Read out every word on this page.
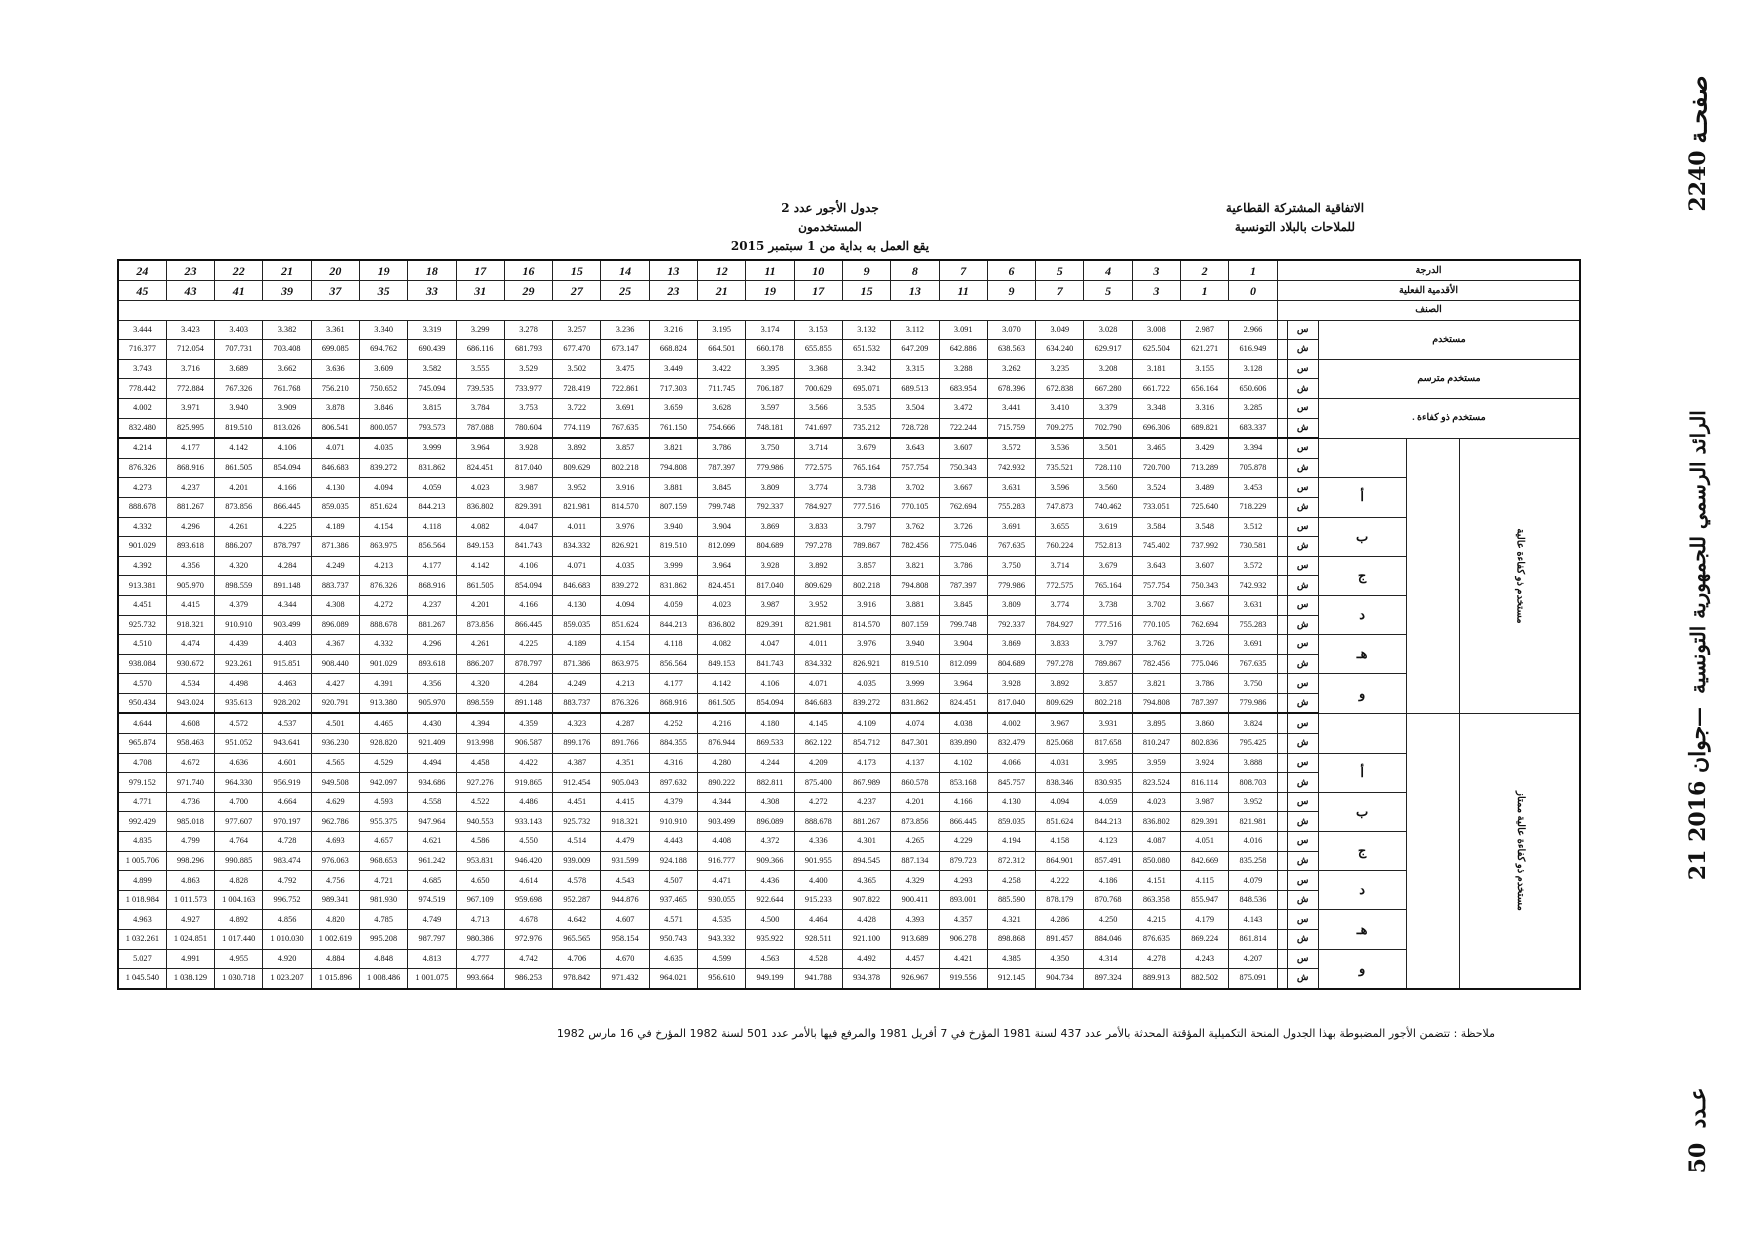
صفحـة
2240
الرائد الرسمي للجمهورية التونسية
—
21 جوان 2016
عـدد
50
جدول الأجور عدد 2
المستخدمون
يقع العمل به بداية من 1 سبتمبر 2015
الاتفاقية المشتركة القطاعية
للملاحات بالبلاد التونسية
24	23	22	21	20	19	18	17	16	15	14	13	12	11	10	9	8	7	6	5	4	3	2	1	الدرجة				
45	43	41	39	37	35	33	31	29	27	25	23	21	19	17	15	13	11	9	7	5	3	1	0	الأقدمية الفعلية				
																								الصنف				
3.444	3.423	3.403	3.382	3.361	3.340	3.319	3.299	3.278	3.257	3.236	3.216	3.195	3.174	3.153	3.132	3.112	3.091	3.070	3.049	3.028	3.008	2.987	2.966		س	مستخدم		
716.377	712.054	707.731	703.408	699.085	694.762	690.439	686.116	681.793	677.470	673.147	668.824	664.501	660.178	655.855	651.532	647.209	642.886	638.563	634.240	629.917	625.504	621.271	616.949		ش			
3.743	3.716	3.689	3.662	3.636	3.609	3.582	3.555	3.529	3.502	3.475	3.449	3.422	3.395	3.368	3.342	3.315	3.288	3.262	3.235	3.208	3.181	3.155	3.128		س	مستخدم مترسم		
778.442	772.884	767.326	761.768	756.210	750.652	745.094	739.535	733.977	728.419	722.861	717.303	711.745	706.187	700.629	695.071	689.513	683.954	678.396	672.838	667.280	661.722	656.164	650.606		ش			
4.002	3.971	3.940	3.909	3.878	3.846	3.815	3.784	3.753	3.722	3.691	3.659	3.628	3.597	3.566	3.535	3.504	3.472	3.441	3.410	3.379	3.348	3.316	3.285		س	مستخدم ذو كفاءة .		
832.480	825.995	819.510	813.026	806.541	800.057	793.573	787.088	780.604	774.119	767.635	761.150	754.666	748.181	741.697	735.212	728.728	722.244	715.759	709.275	702.790	696.306	689.821	683.337		ش			
4.214	4.177	4.142	4.106	4.071	4.035	3.999	3.964	3.928	3.892	3.857	3.821	3.786	3.750	3.714	3.679	3.643	3.607	3.572	3.536	3.501	3.465	3.429	3.394		س			مستخدم ذو كفاءة عالية
876.326	868.916	861.505	854.094	846.683	839.272	831.862	824.451	817.040	809.629	802.218	794.808	787.397	779.986	772.575	765.164	757.754	750.343	742.932	735.521	728.110	720.700	713.289	705.878		ش			
4.273	4.237	4.201	4.166	4.130	4.094	4.059	4.023	3.987	3.952	3.916	3.881	3.845	3.809	3.774	3.738	3.702	3.667	3.631	3.596	3.560	3.524	3.489	3.453		س	أ		
888.678	881.267	873.856	866.445	859.035	851.624	844.213	836.802	829.391	821.981	814.570	807.159	799.748	792.337	784.927	777.516	770.105	762.694	755.283	747.873	740.462	733.051	725.640	718.229		ش			
4.332	4.296	4.261	4.225	4.189	4.154	4.118	4.082	4.047	4.011	3.976	3.940	3.904	3.869	3.833	3.797	3.762	3.726	3.691	3.655	3.619	3.584	3.548	3.512		س	ب		
901.029	893.618	886.207	878.797	871.386	863.975	856.564	849.153	841.743	834.332	826.921	819.510	812.099	804.689	797.278	789.867	782.456	775.046	767.635	760.224	752.813	745.402	737.992	730.581		ش			
4.392	4.356	4.320	4.284	4.249	4.213	4.177	4.142	4.106	4.071	4.035	3.999	3.964	3.928	3.892	3.857	3.821	3.786	3.750	3.714	3.679	3.643	3.607	3.572		س	ج		
913.381	905.970	898.559	891.148	883.737	876.326	868.916	861.505	854.094	846.683	839.272	831.862	824.451	817.040	809.629	802.218	794.808	787.397	779.986	772.575	765.164	757.754	750.343	742.932		ش			
4.451	4.415	4.379	4.344	4.308	4.272	4.237	4.201	4.166	4.130	4.094	4.059	4.023	3.987	3.952	3.916	3.881	3.845	3.809	3.774	3.738	3.702	3.667	3.631		س	د		
925.732	918.321	910.910	903.499	896.089	888.678	881.267	873.856	866.445	859.035	851.624	844.213	836.802	829.391	821.981	814.570	807.159	799.748	792.337	784.927	777.516	770.105	762.694	755.283		ش			
4.510	4.474	4.439	4.403	4.367	4.332	4.296	4.261	4.225	4.189	4.154	4.118	4.082	4.047	4.011	3.976	3.940	3.904	3.869	3.833	3.797	3.762	3.726	3.691		س	هـ		
938.084	930.672	923.261	915.851	908.440	901.029	893.618	886.207	878.797	871.386	863.975	856.564	849.153	841.743	834.332	826.921	819.510	812.099	804.689	797.278	789.867	782.456	775.046	767.635		ش			
4.570	4.534	4.498	4.463	4.427	4.391	4.356	4.320	4.284	4.249	4.213	4.177	4.142	4.106	4.071	4.035	3.999	3.964	3.928	3.892	3.857	3.821	3.786	3.750		س	و		
950.434	943.024	935.613	928.202	920.791	913.380	905.970	898.559	891.148	883.737	876.326	868.916	861.505	854.094	846.683	839.272	831.862	824.451	817.040	809.629	802.218	794.808	787.397	779.986		ش			
4.644	4.608	4.572	4.537	4.501	4.465	4.430	4.394	4.359	4.323	4.287	4.252	4.216	4.180	4.145	4.109	4.074	4.038	4.002	3.967	3.931	3.895	3.860	3.824		س			مستخدم ذو كفاءة عالية ممتاز
965.874	958.463	951.052	943.641	936.230	928.820	921.409	913.998	906.587	899.176	891.766	884.355	876.944	869.533	862.122	854.712	847.301	839.890	832.479	825.068	817.658	810.247	802.836	795.425		ش			
4.708	4.672	4.636	4.601	4.565	4.529	4.494	4.458	4.422	4.387	4.351	4.316	4.280	4.244	4.209	4.173	4.137	4.102	4.066	4.031	3.995	3.959	3.924	3.888		س	أ		
979.152	971.740	964.330	956.919	949.508	942.097	934.686	927.276	919.865	912.454	905.043	897.632	890.222	882.811	875.400	867.989	860.578	853.168	845.757	838.346	830.935	823.524	816.114	808.703		ش			
4.771	4.736	4.700	4.664	4.629	4.593	4.558	4.522	4.486	4.451	4.415	4.379	4.344	4.308	4.272	4.237	4.201	4.166	4.130	4.094	4.059	4.023	3.987	3.952		س	ب		
992.429	985.018	977.607	970.197	962.786	955.375	947.964	940.553	933.143	925.732	918.321	910.910	903.499	896.089	888.678	881.267	873.856	866.445	859.035	851.624	844.213	836.802	829.391	821.981		ش			
4.835	4.799	4.764	4.728	4.693	4.657	4.621	4.586	4.550	4.514	4.479	4.443	4.408	4.372	4.336	4.301	4.265	4.229	4.194	4.158	4.123	4.087	4.051	4.016		س	ج		
1 005.706	998.296	990.885	983.474	976.063	968.653	961.242	953.831	946.420	939.009	931.599	924.188	916.777	909.366	901.955	894.545	887.134	879.723	872.312	864.901	857.491	850.080	842.669	835.258		ش			
4.899	4.863	4.828	4.792	4.756	4.721	4.685	4.650	4.614	4.578	4.543	4.507	4.471	4.436	4.400	4.365	4.329	4.293	4.258	4.222	4.186	4.151	4.115	4.079		س	د		
1 018.984	1 011.573	1 004.163	996.752	989.341	981.930	974.519	967.109	959.698	952.287	944.876	937.465	930.055	922.644	915.233	907.822	900.411	893.001	885.590	878.179	870.768	863.358	855.947	848.536		ش			
4.963	4.927	4.892	4.856	4.820	4.785	4.749	4.713	4.678	4.642	4.607	4.571	4.535	4.500	4.464	4.428	4.393	4.357	4.321	4.286	4.250	4.215	4.179	4.143		س	هـ		
1 032.261	1 024.851	1 017.440	1 010.030	1 002.619	995.208	987.797	980.386	972.976	965.565	958.154	950.743	943.332	935.922	928.511	921.100	913.689	906.278	898.868	891.457	884.046	876.635	869.224	861.814		ش			
5.027	4.991	4.955	4.920	4.884	4.848	4.813	4.777	4.742	4.706	4.670	4.635	4.599	4.563	4.528	4.492	4.457	4.421	4.385	4.350	4.314	4.278	4.243	4.207		س	و		
1 045.540	1 038.129	1 030.718	1 023.207	1 015.896	1 008.486	1 001.075	993.664	986.253	978.842	971.432	964.021	956.610	949.199	941.788	934.378	926.967	919.556	912.145	904.734	897.324	889.913	882.502	875.091		ش			
ملاحظة : تتضمن الأجور المضبوطة بهذا الجدول المنحة التكميلية المؤقتة المحدثة بالأمر عدد 437 لسنة 1981 المؤرخ في 7 أفريل 1981 والمرفع فيها بالأمر عدد 501 لسنة 1982 المؤرخ في 16 مارس 1982
